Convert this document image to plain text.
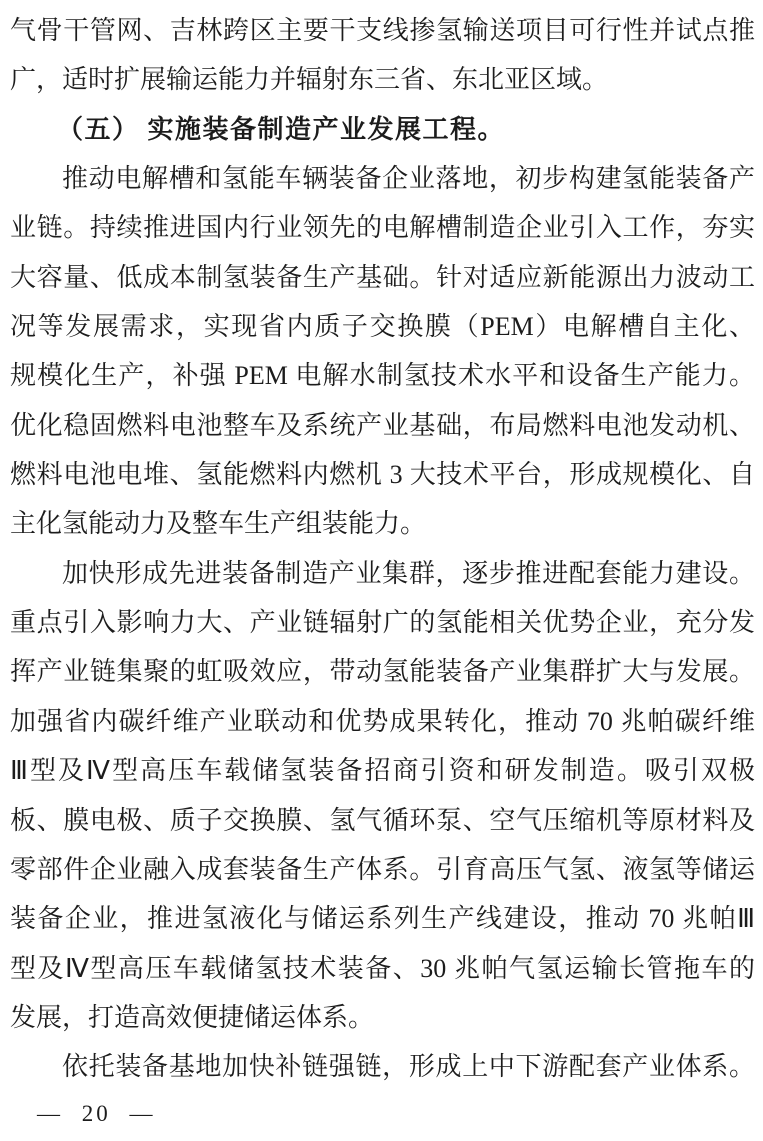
气骨干管网、吉林跨区主要干支线掺氢输送项目可行性并试点推
广，适时扩展输运能力并辐射东三省、东北亚区域。
（五） 实施装备制造产业发展工程。
推动电解槽和氢能车辆装备企业落地，初步构建氢能装备产
业链。持续推进国内行业领先的电解槽制造企业引入工作，夯实
大容量、低成本制氢装备生产基础。针对适应新能源出力波动工
况等发展需求，实现省内质子交换膜（PEM）电解槽自主化、
规模化生产，补强 PEM 电解水制氢技术水平和设备生产能力。
优化稳固燃料电池整车及系统产业基础，布局燃料电池发动机、
燃料电池电堆、氢能燃料内燃机 3 大技术平台，形成规模化、自
主化氢能动力及整车生产组装能力。
加快形成先进装备制造产业集群，逐步推进配套能力建设。
重点引入影响力大、产业链辐射广的氢能相关优势企业，充分发
挥产业链集聚的虹吸效应，带动氢能装备产业集群扩大与发展。
加强省内碳纤维产业联动和优势成果转化，推动 70 兆帕碳纤维
Ⅲ型及Ⅳ型高压车载储氢装备招商引资和研发制造。吸引双极
板、膜电极、质子交换膜、氢气循环泵、空气压缩机等原材料及
零部件企业融入成套装备生产体系。引育高压气氢、液氢等储运
装备企业，推进氢液化与储运系列生产线建设，推动 70 兆帕Ⅲ
型及Ⅳ型高压车载储氢技术装备、30 兆帕气氢运输长管拖车的
发展，打造高效便捷储运体系。
依托装备基地加快补链强链，形成上中下游配套产业体系。
— 20 —
